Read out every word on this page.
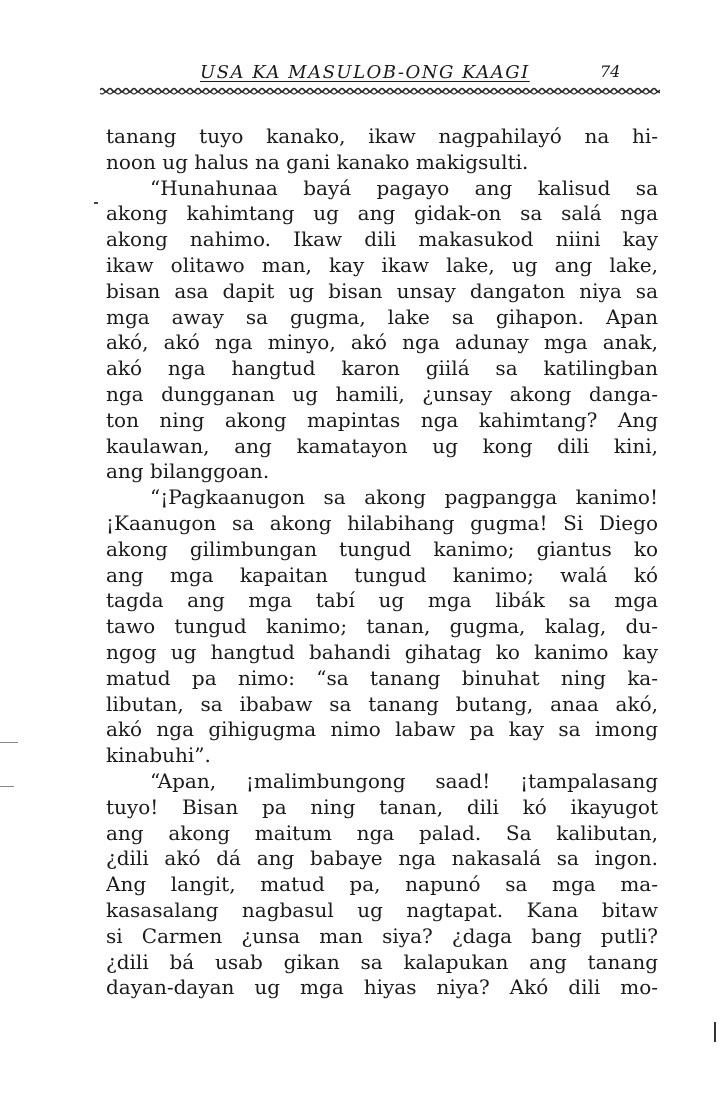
USA KA MASULOB-ONG KAAGI	74
tanang tuyo kanako, ikaw nagpahilayó na hi-
noon ug halus na gani kanako makigsulti.
“Hunahunaa bayá pagayo ang kalisud sa
akong kahimtang ug ang gidak-on sa salá nga
akong nahimo. Ikaw dili makasukod niini kay
ikaw olitawo man, kay ikaw lake, ug ang lake,
bisan asa dapit ug bisan unsay dangaton niya sa
mga away sa gugma, lake sa gihapon. Apan
akó, akó nga minyo, akó nga adunay mga anak,
akó nga hangtud karon giilá sa katilingban
nga dungganan ug hamili, ¿unsay akong danga-
ton ning akong mapintas nga kahimtang? Ang
kaulawan, ang kamatayon ug kong dili kini,
ang bilanggoan.
“¡Pagkaanugon sa akong pagpangga kanimo!
¡Kaanugon sa akong hilabihang gugma! Si Diego
akong gilimbungan tungud kanimo; giantus ko
ang mga kapaitan tungud kanimo; walá kó
tagda ang mga tabí ug mga libák sa mga
tawo tungud kanimo; tanan, gugma, kalag, du-
ngog ug hangtud bahandi gihatag ko kanimo kay
matud pa nimo: “sa tanang binuhat ning ka-
libutan, sa ibabaw sa tanang butang, anaa akó,
akó nga gihigugma nimo labaw pa kay sa imong
kinabuhi”.
“Apan, ¡malimbungong saad! ¡tampalasang
tuyo! Bisan pa ning tanan, dili kó ikayugot
ang akong maitum nga palad. Sa kalibutan,
¿dili akó dá ang babaye nga nakasalá sa ingon.
Ang langit, matud pa, napunó sa mga ma-
kasasalang nagbasul ug nagtapat. Kana bitaw
si Carmen ¿unsa man siya? ¿daga bang putli?
¿dili bá usab gikan sa kalapukan ang tanang
dayan-dayan ug mga hiyas niya? Akó dili mo-
